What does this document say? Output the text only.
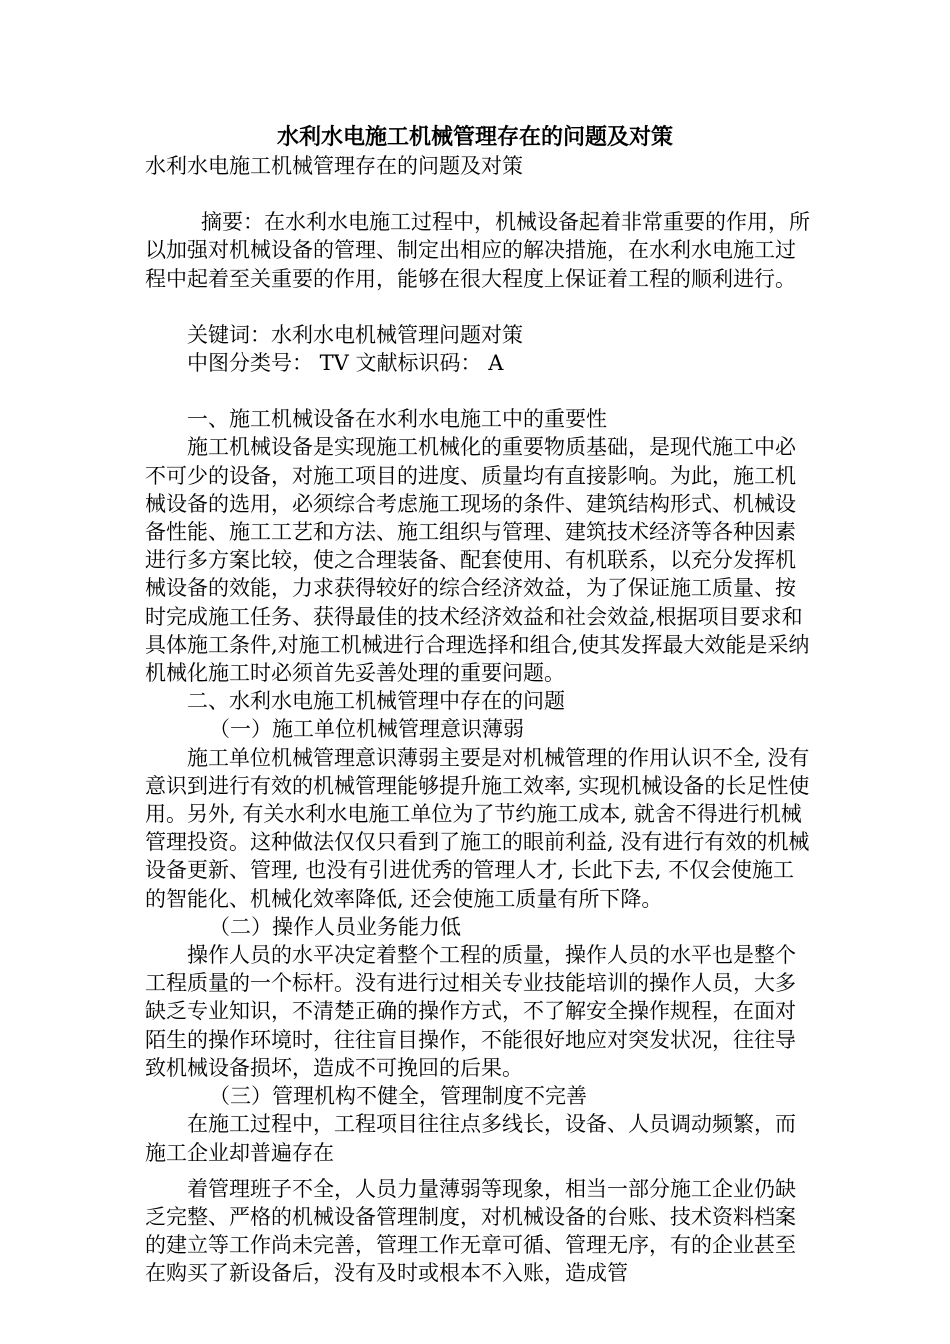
水利水电施工机械管理存在的问题及对策

水利水电施工机械管理存在的问题及对策

摘要：在水利水电施工过程中，机械设备起着非常重要的作用，所以加强对机械设备的管理、制定出相应的解决措施，在水利水电施工过程中起着至关重要的作用，能够在很大程度上保证着工程的顺利进行。

关键词：水利水电机械管理问题对策

中图分类号： TV 文献标识码： A

一、施工机械设备在水利水电施工中的重要性

施工机械设备是实现施工机械化的重要物质基础，是现代施工中必不可少的设备，对施工项目的进度、质量均有直接影响。为此，施工机械设备的选用，必须综合考虑施工现场的条件、建筑结构形式、机械设备性能、施工工艺和方法、施工组织与管理、建筑技术经济等各种因素进行多方案比较，使之合理装备、配套使用、有机联系，以充分发挥机械设备的效能，力求获得较好的综合经济效益，为了保证施工质量、按时完成施工任务、获得最佳的技术经济效益和社会效益,根据项目要求和具体施工条件,对施工机械进行合理选择和组合,使其发挥最大效能是采纳机械化施工时必须首先妥善处理的重要问题。

二、水利水电施工机械管理中存在的问题

（一）施工单位机械管理意识薄弱

施工单位机械管理意识薄弱主要是对机械管理的作用认识不全, 没有意识到进行有效的机械管理能够提升施工效率, 实现机械设备的长足性使用。另外, 有关水利水电施工单位为了节约施工成本, 就舍不得进行机械管理投资。这种做法仅仅只看到了施工的眼前利益, 没有进行有效的机械设备更新、管理, 也没有引进优秀的管理人才, 长此下去, 不仅会使施工的智能化、机械化效率降低, 还会使施工质量有所下降。

（二）操作人员业务能力低

操作人员的水平决定着整个工程的质量，操作人员的水平也是整个工程质量的一个标杆。没有进行过相关专业技能培训的操作人员，大多缺乏专业知识，不清楚正确的操作方式，不了解安全操作规程，在面对陌生的操作环境时，往往盲目操作，不能很好地应对突发状况，往往导致机械设备损坏，造成不可挽回的后果。

（三）管理机构不健全，管理制度不完善

在施工过程中，工程项目往往点多线长，设备、人员调动频繁，而施工企业却普遍存在

着管理班子不全，人员力量薄弱等现象，相当一部分施工企业仍缺乏完整、严格的机械设备管理制度，对机械设备的台账、技术资料档案的建立等工作尚未完善，管理工作无章可循、管理无序，有的企业甚至在购买了新设备后，没有及时或根本不入账，造成管
